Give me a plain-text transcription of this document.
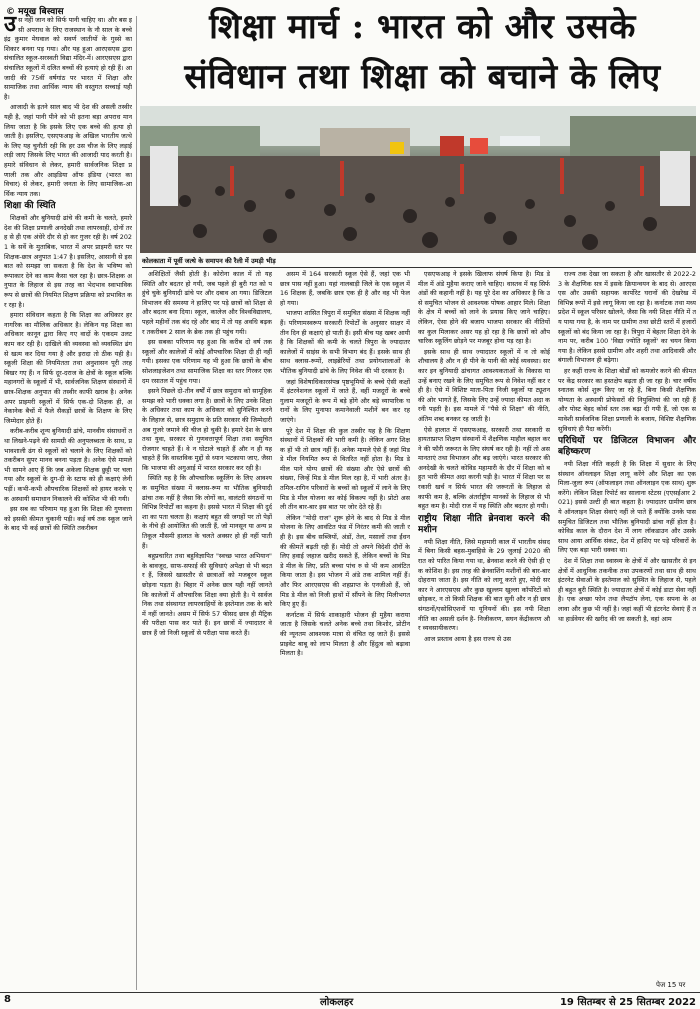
© मयूख बिस्वास	शिक्षा मार्च : भारत को और उसके
संविधान तथा शिक्षा को बचाने के लिए
कोलकाता में पूर्वी जत्थे के समापन की रैली में उमड़ी भीड़

उस नहीं जान को सिर्फ पानी चाहिए था। और बस इसी अपराध के लिए राजस्थान के नौ साल के बच्चे इंद्र कुमार मेघवाल को सवर्ण जातीयों के गुस्से का शिकार बनना पड़ गया। और यह हुआ आरएसएस द्वारा संचालित स्कूल-सरस्वती विद्या मंदिर-में। आरएसएस द्वारा संचालित स्कूलों में दलित बच्चों की हत्याएं हो रही हैं। आजादी की 75वीं वर्षगांठ पर भारत में शिक्षा और सामाजिक तथा आर्थिक न्याय की वस्तुगत सच्चाई यही है।

आजादी के इतने साल बाद भी देश की असली तस्वीर यही है, जहां पानी पीने को भी इतना बड़ा अपराध मान लिया जाता है कि इसके लिए एक बच्चे की हत्या हो जाती है। इसलिए, एसएफआइ के अखिल भारतीय जत्थे के लिए यह चुनौती रही कि हर उस चीज के लिए लड़ाई लड़ी जाए जिसके लिए भारत की आजादी याद करती है। हमारे संविधान से लेकर, हमारी सार्वजनिक शिक्षा प्रणाली तक और आइडिया ऑफ इंडिया (भारत का विचार) से लेकर, हमारी जनता के लिए सामाजिक-आर्थिक न्याय तक।

शिक्षा की स्थिति

शिक्षकों और बुनियादी ढांचे की कमी के चलते, हमारे देश की शिक्षा प्रणाली अनदेखी तथा लापरवाही, दोनों तरह से ही एक अंधेरे दौर से हो कर गुजर रही है। वर्ष 2021 के सर्वे के मुताबिक, भारत में अपर प्राइमरी स्तर पर शिक्षक-छात्र अनुपात 1:47 है। इसलिए, आसानी से इस बात को समझा जा सकता है कि देश के भविष्य को रूपाकार देने का काम कैसा चल रहा है। छात्र-शिक्षक अनुपात के लिहाज से इस तरह का भेदभाव स्वाभाविक रूप से छात्रों की नियमित शिक्षण प्रक्रिया को प्रभावित कर रहा है।

हमारा संविधान कहता है कि शिक्षा का अधिकार हर नागरिक का मौलिक अधिकार है। लेकिन यह शिक्षा का अधिकार कानून द्वारा किए गए वादों के एकदम उलट काम कर रही है। दाखिले की व्यवस्था को व्यवस्थित ढंग से खत्म कर दिया गया है और इरादा तो ठीक यही है। स्कूली शिक्षा की नियमितता तथा अनुशासन पूरी तरह बिखर गए हैं। न सिर्फ दूर-दराज के क्षेत्रों के स्कूल बल्कि महानगरों के स्कूलों में भी, सार्वजनिक शिक्षण संस्थानों में छात्र-शिक्षक अनुपात की तस्वीर काफी खराब है। अनेक अपर प्राइमरी स्कूलों में सिर्फ एक-दो शिक्षक ही, अनेकानेक बैचों में फैले सैकड़ों छात्रों के शिक्षण के लिए जिम्मेदार होते हैं।

करीब-करीब शून्य बुनियादी ढांचे, मानवीय संसाधनों तथा लिखने-पढ़ने की सामग्री की अनुपलब्धता के साथ, प्रभावशाली ढंग से स्कूलों को चलाने के लिए शिक्षकों को तकरीबन सुपर मानव बनना पड़ता है। अनेक ऐसे मामले भी सामने आए हैं कि जब अकेला शिक्षक छुट्टी पर चला गया और स्कूलों के दुग-दी के स्टाफ को ही कक्षाएं लेनी पड़ीं। कभी-कभी औपचारिक शिक्षकों को हायर करके एक अस्थायी समाधान निकालने की कोशिश भी की गयी।

इस सब का परिणाम यह हुआ कि शिक्षा की गुणवत्ता को इसकी कीमत चुकानी पड़ी। कई वर्ष तक स्कूल जाने के बाद भी कई छात्रों की स्थिति तकरीबन

अशिक्षितों जैसी होती है। कोरोना काल में तो यह स्थिति और बदतर हो गयी, जब पहले ही बुरी गत को पहुंचे चुके बुनियादी ढांचे पर और दबाव आ गया। डिजिटल विभाजन की समस्या ने हालिए पर पड़े छात्रों को शिक्षा से और बदतर बना दिया। स्कूल, कालेज और विश्वविद्यालय, पहले महीनों तक बंद रहे और बाद में तो यह अवधि बढ़कर तकरीबन 2 साल के ब्रेक तक ही पहुंच गयी।

इस सबका परिणाम यह हुआ कि करीब दो वर्ष तक स्कूलों और कालेजों में कोई औपचारिक शिक्षा दी ही नहीं गयी। इसका एक परिणाम यह भी हुआ कि छात्रों के बीच सोशलाइजेशन तथा सामाजिक शिक्षा का स्तर गिरकर एकदम रसातल में पहुंच गया।

इसने पिछले दो-तीन वर्षों में छात्र समुदाय को सामूहिक समझ को भारी धक्का लगा है। छात्रों के लिए उनके शिक्षा के अधिकार तथा काम के अधिकार को सुनिश्चित करने के लिहाज से, छात्र समुदाय के प्रति सरकार की जिम्मेदारी अब गुजरे जमाने की चीज हो चुकी है। हमारे देश के छात्र तथा युवा, सरकार से गुणवत्तापूर्ण शिक्षा तथा समुचित रोजगार चाहते हैं। वे न घोटाले चाहते हैं और न ही यह चाहते हैं कि वास्तविक मुद्दों से ध्यान भटकाया जाए, जैसा कि भाजपा की अगुआई में भारत सरकार कर रही है।

स्थिति यह है कि औपचारिक स्कूलिंग के लिए आवश्यक समुचित संख्या में क्लास-रूम या भौतिक बुनियादी ढांचा तक नहीं है जैसा कि लोगों का, वालंटरी संगठनों या विभिन्न रिपोर्टों का कहना है। इससे भारत में शिक्षा की दुर्दशा का पता चलता है। कक्षाएं बहुत सी जगहों पर तो पेड़ों के नीचे ही आयोजित की जाती हैं, जो मानसून या अन्य प्रतिकूल मौसमी हालात के चलते अक्सर हो ही नहीं पाती हैं।

बहुप्रचारित तथा बहुविज्ञापित "स्वच्छ भारत अभियान" के बावजूद, साफ-सफाई की सुविधाएं अपेक्षा से भी बदतर हैं, जिससे खासतौर से छात्राओं को मजबूरन स्कूल छोड़ना पड़ता है। बिहार में अनेक छात्र यही नहीं जानते कि कालेजों में औपचारिक शिक्षा क्या होती है। ये सार्वजनिक तथा संस्थागत लापरवाहियों के इस्तेमाल तक के बारे में नहीं जानते। असम में सिर्फ 57 फीसद छात्र ही मैट्रिक की परीक्षा पास कर पाते हैं। इन छात्रों में ज्यादातर वे छात्र हैं जो निजी स्कूलों से परीक्षा पास करते हैं।

असम में 164 सरकारी स्कूल ऐसे हैं, जहां एक भी छात्र पास नहीं हुआ। यहां नालबाड़ी जिले के एक स्कूल में 16 शिक्षक हैं, जबकि छात्र एक ही है और वह भी फेल हो गया।

भाजपा शासित त्रिपुरा में समुचित संख्या में शिक्षक नहीं हैं। परिणामस्वरूप सरकारी रिपोर्टों के अनुसार साक्षर में तीन दिन ही कक्षाएं हो पाती हैं। इसी बीच यह खबर आयी है कि शिक्षकों की कमी के चलते त्रिपुरा के ज्यादातर कालेजों में साइंस के सभी विभाग बंद हैं। इसके साथ ही साथ क्लास-रूमों, लाइब्रेरियों तथा प्रयोगशालाओं के भौतिक बुनियादी ढांचे के लिए निवेश की भी दरकार है।

जहां विशेषाधिकारसंपन्न पृष्ठभूमियों के बच्चे ऐसी कक्षों में इंटरनेशनल स्कूलों में जाते हैं, वहीं मजदूरों के बच्चे गुलाम मजदूरों के रूप में बड़े होंगे और बड़े व्यापारिक घरानों के लिए मुनाफा कमानेवाली मशीनें बन कर रह जाएंगे।

पूरे देश में शिक्षा की कुल तस्वीर यह है कि शिक्षण संस्थानों में शिक्षकों की भारी कमी है। लेकिन अगर शिक्षक हों भी तो छात्र नहीं हैं। अनेक मामले ऐसे हैं जहां मिड डे मील नियमित रूप से वितरित नहीं होता है। मिड डे मील पाने योग्य छात्रों की संख्या और ऐसे छात्रों की संख्या, जिन्हें मिड डे मील मिल रहा है, में भारी अंतर है। तमिल-रागिन परिवारों के बच्चों को स्कूलों में लाने के लिए मिड डे मील योजना का कोई विकल्प नहीं है। प्रोटो असली तीन बार-बार इस बात पर जोर देते रहे हैं।

लेकिन "मोदी राज" शुरू होने के बाद से मिड डे मील योजना के लिए आवंटित फंड में निरंतर कमी की जाती रही है। इस बीच सब्जियों, अंडों, तेल, मसालों तथा ईंधन की कीमतें बढ़ती रही हैं। मोदी तो अपने विदेशी दौरों के लिए हवाई जहाज खरीद सकते हैं, लेकिन बच्चों के मिड डे मील के लिए, प्रति बच्चा पांच रु से भी कम आवंटित किया जाता है। इस भोजन में अंडे तक शामिल नहीं हैं। और फिर आरएसएस की शहप्राप्त के एनजीओ हैं, जो मिड डे मील को निजी हाथों में सौंपने के लिए मिलीभगत किए हुए हैं।

कर्नाटक में सिर्फ शाकाहारी भोजन ही मुहैया कराया जाता है जिसके चलते अनेक बच्चे तथा किशोर, प्रोटीन की न्यूनतम आवश्यक मात्रा से वंचित रह जाते हैं। इससे प्राइवेट बाबू को लाभ मिलता है और हिंदुत्व को बढ़ावा मिलता है।

एसएफआइ ने इसके खिलाफ संघर्ष किया है। मिड डे मील में अंडे मुहैया कराए जाने चाहिए। वास्तव में यह सिर्फ अंडों की कहानी नहीं है। यह पूरे देश का अधिकार है कि उसे समुचित भोजन से आवश्यक पोषक आहार मिले। शिक्षा के क्षेत्र में बच्चों को लाने के प्रयास किए जाने चाहिए। लेकिन, ऐसा होने की बजाय भाजपा सरकार की नीतियों का कुल मिलाकर असर यह हो रहा है कि छात्रों को औपचारिक स्कूलिंग छोड़ने पर मजबूर होना पड़ रहा है।

इसके साथ ही साथ ज्यादातर स्कूलों में न तो कोई शौचालय है और न ही पीने के पानी की कोई व्यवस्था। सरकार इन बुनियादी ढांचागत आवश्यकताओं के विकास या उन्हें बनाए रखने के लिए समुचित रूप से निवेश नहीं कर रही है। ऐसे में विशिष्ट माता-पिता निजी स्कूलों या ट्यूशन की ओर भागते हैं, जिसके लिए उन्हें ज्यादा कीमत अदा करनी पड़ती है। इस मामले में "पैसे से शिक्षा" की नीति, अंतिम शब्द बनकर रह जाती है।

ऐसे हालात में एसएफआइ, सरकारी तथा सरकारी सहायताप्राप्त शिक्षण संस्थानों में शैक्षणिक माहौल बहाल करने की फौरी जरूरत के लिए संघर्ष कर रही है। नहीं तो असमानताएं तथा विभाजन और बढ़ जाएंगे। भारत सरकार की अनदेखी के चलते कोविड महामारी के दौर में शिक्षा को बहुत भारी कीमत अदा करनी पड़ी है। भारत में शिक्षा पर सरकारी खर्च न सिर्फ भारत की जरूरतों के लिहाज से काफी कम है, बल्कि अंतर्राष्ट्रीय मानकों के लिहाज से भी बहुत कम है। मोदी राज में यह स्थिति और बदतर हो गयी।

राष्ट्रीय शिक्षा नीति ब्रेनवाश करने की मशीन

नयी शिक्षा नीति, जिसे महामारी काल में भारतीय संसद में बिना किसी बहस-मुबाहिसे के 29 जुलाई 2020 की रात को पारित किया गया था, ब्रेनवाश करने की ऐसी ही एक कोशिश है। इस तरह की ब्रेनवाशिंग मशीनों की बार-बार दोहराया जाता है। इस नीति को लागू करते हुए, मोदी सरकार ने आरएसएस और कुछ खुल्लम खुल्ला कॉर्पोरेटों को छोड़कर, न तो किसी शिक्षक की बात सुनी और न ही छात्र संगठनों/एसोसिएशनों या यूनियनों की। इस नयी शिक्षा नीति का असली दर्शन है- निजीकरण, सघन केंद्रीकरण और व्यवसायीकरण।

आज प्रस्ताव आया है इस राज्य से उस

राज्य तक देखा जा सकता है और खासतौर से 2022-23 के शैक्षणिक सत्र में इसके क्रियान्वयन के बाद से। आरएसएस और उसकी सहायक कार्पोरेट घरानों की देखरेख में विभिन्न रूपों में इसे लागू किया जा रहा है। कर्नाटक तथा मध्यप्रदेश में स्कूल परिसर खोलने, जैसा कि नयी शिक्षा नीति में तय पाया गया है, के नाम पर ग्रामीण तथा छोटी स्तरों में हजारों स्कूलों को बंद किया जा रहा है। त्रिपुरा में बेहतर शिक्षा देने के नाम पर, करीब 100 'विद्या ज्योति स्कूलों' का चयन किया गया है। लेकिन इससे ग्रामीण और शहरी तथा आदिवासी और बंगाली विभाजन ही बढ़ेगा।

हर कहीं राज्य के शिक्षा बोर्डों को कमजोर करने की कीमत पर केंद्र सरकार का हस्तक्षेप बढ़ता ही जा रहा है। चार वर्षीय स्नातक कोर्स शुरू किए जा रहे हैं, बिना किसी शैक्षणिक योग्यता के अस्थायी प्रोफेसरों की नियुक्तियां की जा रही हैं और पोस्ट बेहद कोर्स स्तर तक बढ़ा दी गयी हैं, जो एक समावेशी सार्वजनिक शिक्षा प्रणाली के बजाय, विशिष्ट शैक्षणिक सुविधाएं ही पैदा करेंगी।

परिधियों पर डिजिटल विभाजन और बहिष्करण

नयी शिक्षा नीति कहती है कि शिक्षा में सुधार के लिए संस्थान ऑनलाइन शिक्षा लागू करेंगे और शिक्षा का एक मिला-जुला रूप (ऑफलाइन तथा ऑनलाइन एक साथ) शुरू करेंगे। लेकिन शिक्षा रिपोर्ट का सालाना स्टेटस (एएसईआर 2021) इससे उल्टी ही बात कहता है। ज्यादातर ग्रामीण छात्र ये ऑनलाइन शिक्षा सेवाएं नहीं ले पाते हैं क्योंकि उनके पास समुचित डिजिटल तथा भौतिक बुनियादी ढांचा नहीं होता है। कोविड काल के दौरान देश में लाग लॉकडाउन और उसके साथ आया आर्थिक संकट, देश में हाशिए पर पड़े परिवारों के लिए एक बड़ा भारी धक्का था।

देश में शिक्षा तथा स्वास्थ्य के क्षेत्रों में और खासतौर से इन क्षेत्रों में आधुनिक तकनीक तथा उपकरणों तथा साथ ही साथ इंटरनेट सेवाओं के इस्तेमाल को सुस्थित के लिहाज से, पहले ही बहुत बुरी स्थिति है। ज्यादातर क्षेत्रों में कोई डाटा सेवा नहीं है। एक अच्छा फोन तथा लैपटॉप लेना, एक सपना के अलावा और कुछ भी नहीं है। जहां कहीं भी इंटरनेट सेवाएं हैं तथा हार्डवेयर की खरीद की जा सकती है, वहां आम

पेज 15 पर
8	लोकलहर	19 सितम्बर से 25 सितम्बर 2022
